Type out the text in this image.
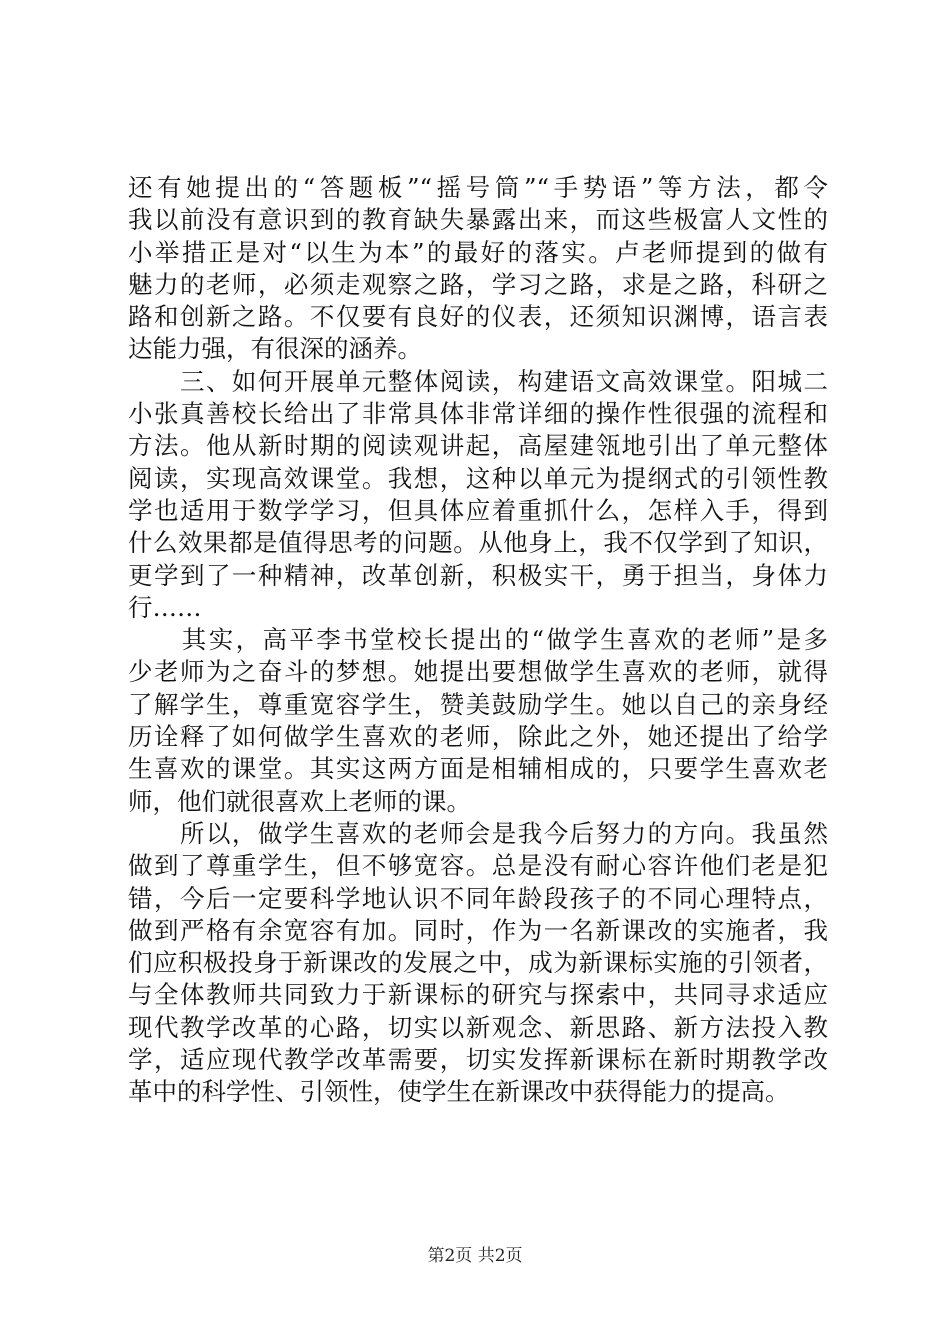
还有她提出的“答题板”“摇号筒”“手势语”等方法，都令
我以前没有意识到的教育缺失暴露出来，而这些极富人文性的
小举措正是对“以生为本”的最好的落实。卢老师提到的做有
魅力的老师，必须走观察之路，学习之路，求是之路，科研之
路和创新之路。不仅要有良好的仪表，还须知识渊博，语言表
达能力强，有很深的涵养。
　　三、如何开展单元整体阅读，构建语文高效课堂。阳城二
小张真善校长给出了非常具体非常详细的操作性很强的流程和
方法。他从新时期的阅读观讲起，高屋建瓴地引出了单元整体
阅读，实现高效课堂。我想，这种以单元为提纲式的引领性教
学也适用于数学学习，但具体应着重抓什么，怎样入手，得到
什么效果都是值得思考的问题。从他身上，我不仅学到了知识，
更学到了一种精神，改革创新，积极实干，勇于担当，身体力
行……
　　其实，高平李书堂校长提出的“做学生喜欢的老师”是多
少老师为之奋斗的梦想。她提出要想做学生喜欢的老师，就得
了解学生，尊重宽容学生，赞美鼓励学生。她以自己的亲身经
历诠释了如何做学生喜欢的老师，除此之外，她还提出了给学
生喜欢的课堂。其实这两方面是相辅相成的，只要学生喜欢老
师，他们就很喜欢上老师的课。
　　所以，做学生喜欢的老师会是我今后努力的方向。我虽然
做到了尊重学生，但不够宽容。总是没有耐心容许他们老是犯
错，今后一定要科学地认识不同年龄段孩子的不同心理特点，
做到严格有余宽容有加。同时，作为一名新课改的实施者，我
们应积极投身于新课改的发展之中，成为新课标实施的引领者，
与全体教师共同致力于新课标的研究与探索中，共同寻求适应
现代教学改革的心路，切实以新观念、新思路、新方法投入教
学，适应现代教学改革需要，切实发挥新课标在新时期教学改
革中的科学性、引领性，使学生在新课改中获得能力的提高。
第2页 共2页
